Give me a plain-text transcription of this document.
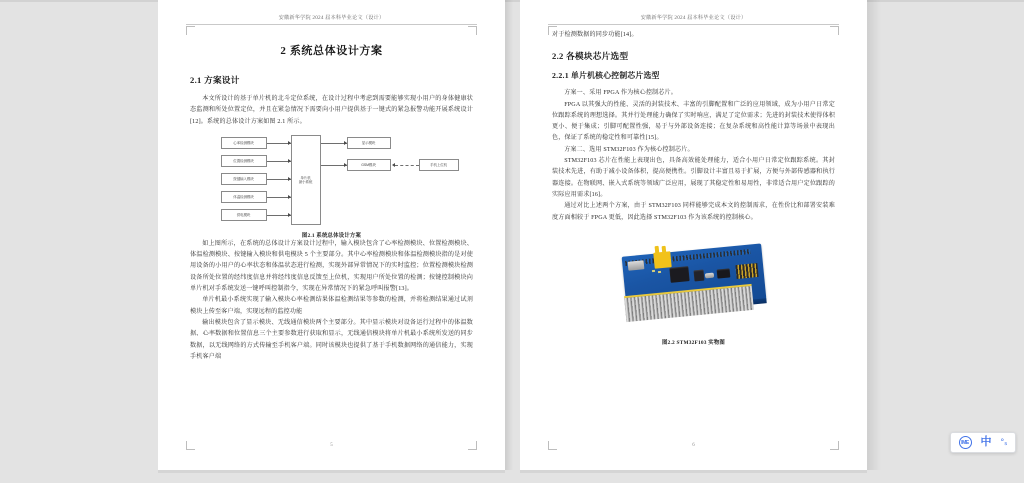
安徽新华学院 2024 届本科毕业论文（设计）
2 系统总体设计方案
2.1 方案设计

本文所设计的基于单片机的北斗定位系统，在设计过程中考虑到需要能够实现小用户的身体健康状态监测和所处位置定位，并且在紧急情况下需要向小用户提供基于一键式的紧急报警功能开展系统设计[12]。系统的总体设计方案如图 2.1 所示。

心率检测模块
位置检测模块
按键输入模块
体温检测模块
供电模块
单片机
最小系统
显示模块
GSM模块	手机上位机
图2.1 系统总体设计方案

如上图所示，在系统的总体设计方案设计过程中，输入模块包含了心率检测模块、位置检测模块、体温检测模块、按键输入模块和供电模块 5 个主要部分。其中心率检测模块和体温检测模块指的是对使用设备的小用户的心率状态和体温状态进行检测，实现外部异常情况下的实时监控；位置检测模块检测设备所处位置的经纬度信息并将经纬度信息反馈至上位机，实现用户所处位置的检测；按键控制模块向单片机对手系统发送一键呼叫控制指令，实现在异常情况下的紧急呼叫报警[13]。

单片机最小系统实现了输入模块心率检测结果体温检测结果等参数的检测，并将检测结果通过试剂模块上传至客户端，实现远程的监控功能

输出模块包含了显示模块、无线通信模块两个主要部分。其中显示模块对设备运行过程中的体温数据、心率数据和位置信息三个主要参数进行获取和显示，无线通信模块将单片机最小系统所发送的同步数据，以无线网络的方式传输至手机客户端。同时该模块也提供了基于手机数据网络的通信能力，实现手机客户端

5
安徽新华学院 2024 届本科毕业论文（设计）

对于检测数据的同步功能[14]。

2.2 各模块芯片选型
2.2.1 单片机核心控制芯片选型

方案一、采用 FPGA 作为核心控制芯片。

FPGA 以其强大的性能、灵活的封装技术、丰富的引脚配置和广泛的应用领域，成为小用户日常定位跟踪系统的理想选择。其并行处理能力确保了实时响应，满足了定位需求；先进的封装技术使得体积更小、便于集成；引脚可配置性强，易于与外部设备连接；在复杂系统和高性能计算等场景中表现出色，保证了系统的稳定性和可靠性[15]。

方案二、选用 STM32F103 作为核心控制芯片。

STM32F103 芯片在性能上表现出色，具备高效能处理能力，适合小用户日常定位跟踪系统。其封装技术先进，有助于减小设备体积，提高便携性。引脚设计丰富且易于扩展，方便与外部传感器和执行器连接。在物联网、嵌入式系统等领域广泛应用，展现了其稳定性和易用性，非常适合用户定位跟踪的实际应用需求[16]。

通过对比上述两个方案，由于 STM32F103 同样能够完成本文的控制需求，在性价比和部署安装难度方面相较于 FPGA 更低，因此选择 STM32F103 作为该系统的控制核心。

图2.2 STM32F103 实物图
6	IME 中 °ₛ
